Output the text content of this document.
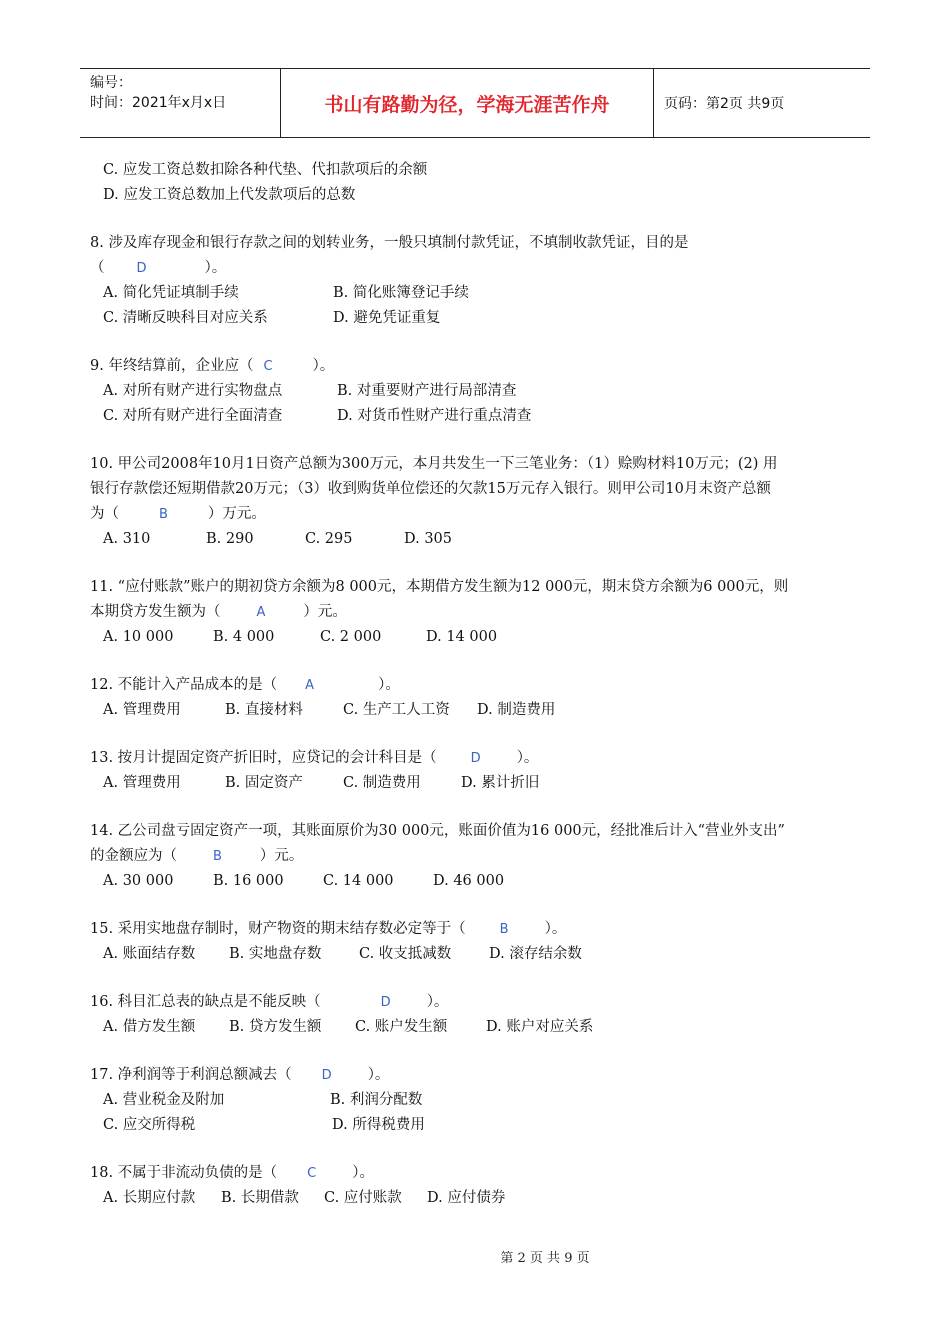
编号：
时间：2021年x月x日	书山有路勤为径，学海无涯苦作舟	页码：第2页 共9页
C. 应发工资总数扣除各种代垫、代扣款项后的余额
D. 应发工资总数加上代发款项后的总数
8. 涉及库存现金和银行存款之间的划转业务，一般只填制付款凭证，不填制收款凭证，目的是
（ D	）。
A. 简化凭证填制手续	B. 简化账簿登记手续
C. 清晰反映科目对应关系	D. 避免凭证重复
9. 年终结算前，企业应（ C	）。
A. 对所有财产进行实物盘点	B. 对重要财产进行局部清查
C. 对所有财产进行全面清查	D. 对货币性财产进行重点清查
10. 甲公司2008年10月1日资产总额为300万元，本月共发生一下三笔业务：（1）赊购材料10万元；(2) 用
银行存款偿还短期借款20万元；（3）收到购货单位偿还的欠款15万元存入银行。则甲公司10月末资产总额
为（	B	）万元。
A. 310	B. 290	C. 295	D. 305
11. “应付账款”账户的期初贷方余额为8 000元，本期借方发生额为12 000元，期末贷方余额为6 000元，则
本期贷方发生额为（	A	）元。
A. 10 000	B. 4 000	C. 2 000	D. 14 000
12. 不能计入产品成本的是（ A	）。
A. 管理费用	B. 直接材料	C. 生产工人工资 D. 制造费用
13. 按月计提固定资产折旧时，应贷记的会计科目是（	D ）。
A. 管理费用	B. 固定资产	C. 制造费用	D. 累计折旧
14. 乙公司盘亏固定资产一项，其账面原价为30 000元，账面价值为16 000元，经批准后计入“营业外支出”
的金额应为（	B	）元。
A. 30 000	B. 16 000	C. 14 000	D. 46 000
15. 采用实地盘存制时，财产物资的期末结存数必定等于（	B ）。
A. 账面结存数 B. 实地盘存数	C. 收支抵减数	D. 滚存结余数
16. 科目汇总表的缺点是不能反映（	D ）。
A. 借方发生额 B. 贷方发生额 C. 账户发生额	D. 账户对应关系
17. 净利润等于利润总额减去（ D ）。
A. 营业税金及附加	B. 利润分配数
C. 应交所得税	D. 所得税费用
18. 不属于非流动负债的是（ C ）。
A. 长期应付款 B. 长期借款 C. 应付账款 D. 应付债券
第 2 页 共 9 页
